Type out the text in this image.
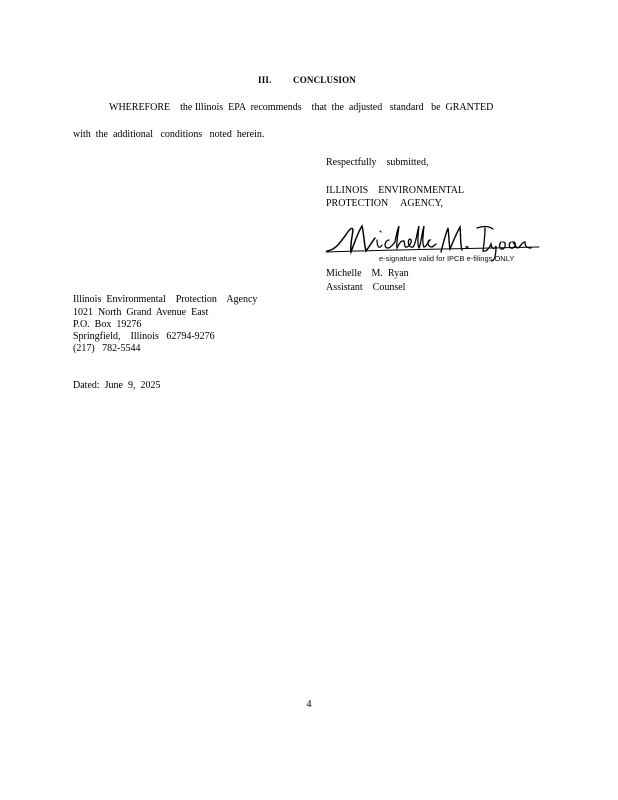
III. CONCLUSION
WHEREFORE    the Illinois  EPA  recommends    that  the  adjusted   standard   be  GRANTED
with  the  additional   conditions   noted  herein.
Respectfully    submitted,
ILLINOIS    ENVIRONMENTAL
PROTECTION     AGENCY,
e-signature valid for IPCB e-filings ONLY
Michelle    M.  Ryan
Assistant    Counsel
Illinois  Environmental    Protection    Agency
1021  North  Grand  Avenue  East
P.O.  Box  19276
Springfield,    Illinois   62794-9276
(217)   782-5544
Dated:  June  9,  2025
4
